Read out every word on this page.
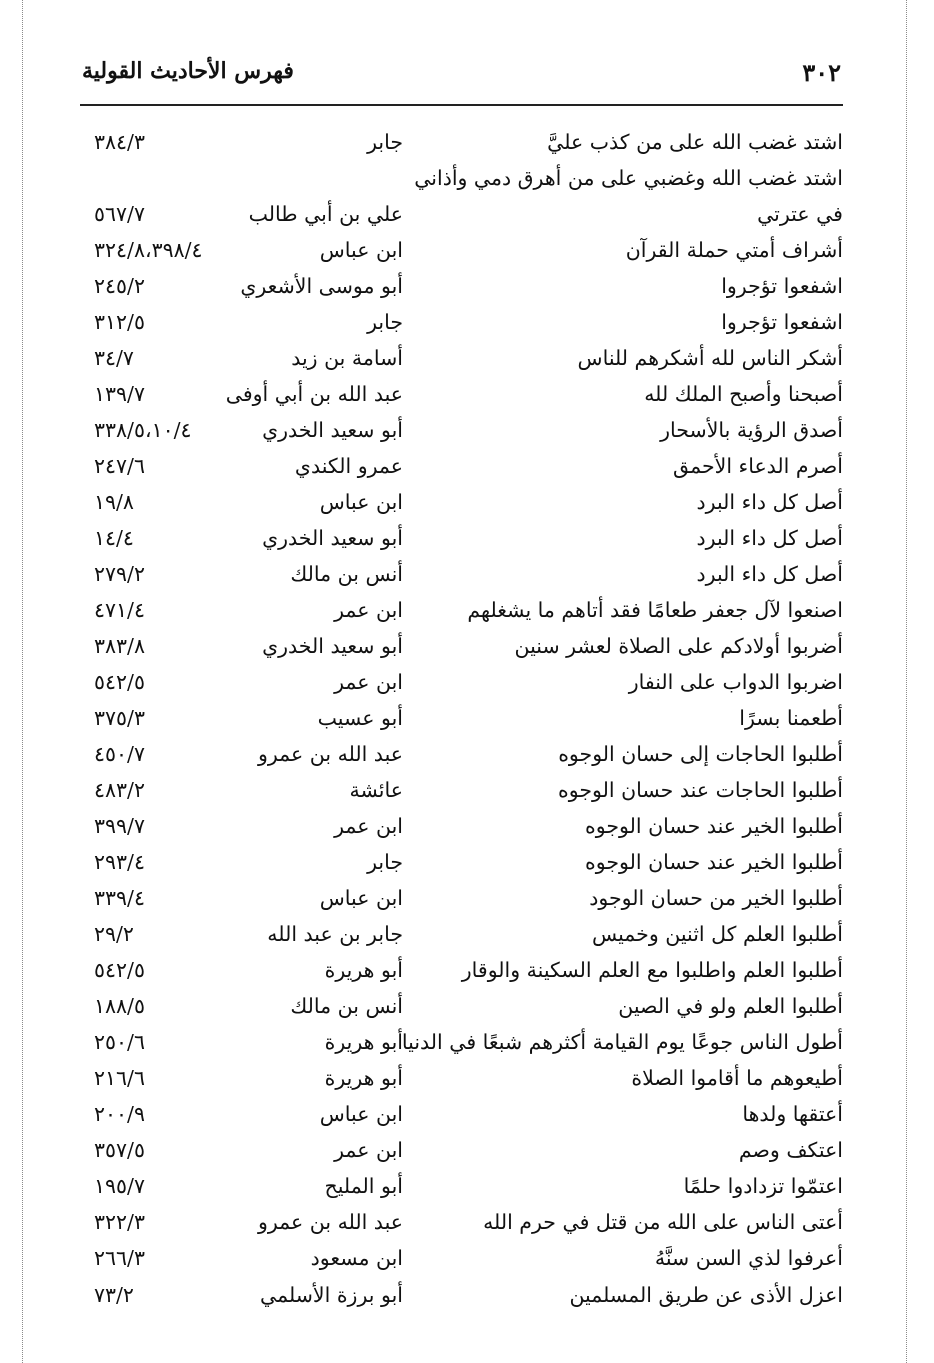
٣٠٢
فهرس الأحاديث القولية
اشتد غضب الله على من كذب عليَّ
جابر
٣٨٤/٣
اشتد غضب الله وغضبي على من أهرق دمي وأذاني
في عترتي
علي بن أبي طالب
٥٦٧/٧
أشراف أمتي حملة القرآن
ابن عباس
٣٢٤/٨،٣٩٨/٤
اشفعوا تؤجروا
أبو موسى الأشعري
٢٤٥/٢
اشفعوا تؤجروا
جابر
٣١٢/٥
أشكر الناس لله أشكرهم للناس
أسامة بن زيد
٣٤/٧
أصبحنا وأصبح الملك لله
عبد الله بن أبي أوفى
١٣٩/٧
أصدق الرؤية بالأسحار
أبو سعيد الخدري
٣٣٨/٥،١٠/٤
أصرم الدعاء الأحمق
عمرو الكندي
٢٤٧/٦
أصل كل داء البرد
ابن عباس
١٩/٨
أصل كل داء البرد
أبو سعيد الخدري
١٤/٤
أصل كل داء البرد
أنس بن مالك
٢٧٩/٢
اصنعوا لآل جعفر طعامًا فقد أتاهم ما يشغلهم
ابن عمر
٤٧١/٤
أضربوا أولادكم على الصلاة لعشر سنين
أبو سعيد الخدري
٣٨٣/٨
اضربوا الدواب على النفار
ابن عمر
٥٤٢/٥
أطعمنا بسرًا
أبو عسيب
٣٧٥/٣
أطلبوا الحاجات إلى حسان الوجوه
عبد الله بن عمرو
٤٥٠/٧
أطلبوا الحاجات عند حسان الوجوه
عائشة
٤٨٣/٢
أطلبوا الخير عند حسان الوجوه
ابن عمر
٣٩٩/٧
أطلبوا الخير عند حسان الوجوه
جابر
٢٩٣/٤
أطلبوا الخير من حسان الوجود
ابن عباس
٣٣٩/٤
أطلبوا العلم كل اثنين وخميس
جابر بن عبد الله
٢٩/٢
أطلبوا العلم واطلبوا مع العلم السكينة والوقار
أبو هريرة
٥٤٢/٥
أطلبوا العلم ولو في الصين
أنس بن مالك
١٨٨/٥
أطول الناس جوعًا يوم القيامة أكثرهم شبعًا في الدنيا
أبو هريرة
٢٥٠/٦
أطيعوهم ما أقاموا الصلاة
أبو هريرة
٢١٦/٦
أعتقها ولدها
ابن عباس
٢٠٠/٩
اعتكف وصم
ابن عمر
٣٥٧/٥
اعتمّوا تزدادوا حلمًا
أبو المليح
١٩٥/٧
أعتى الناس على الله من قتل في حرم الله
عبد الله بن عمرو
٣٢٢/٣
أعرفوا لذي السن سنَّهُ
ابن مسعود
٢٦٦/٣
اعزل الأذى عن طريق المسلمين
أبو برزة الأسلمي
٧٣/٢
